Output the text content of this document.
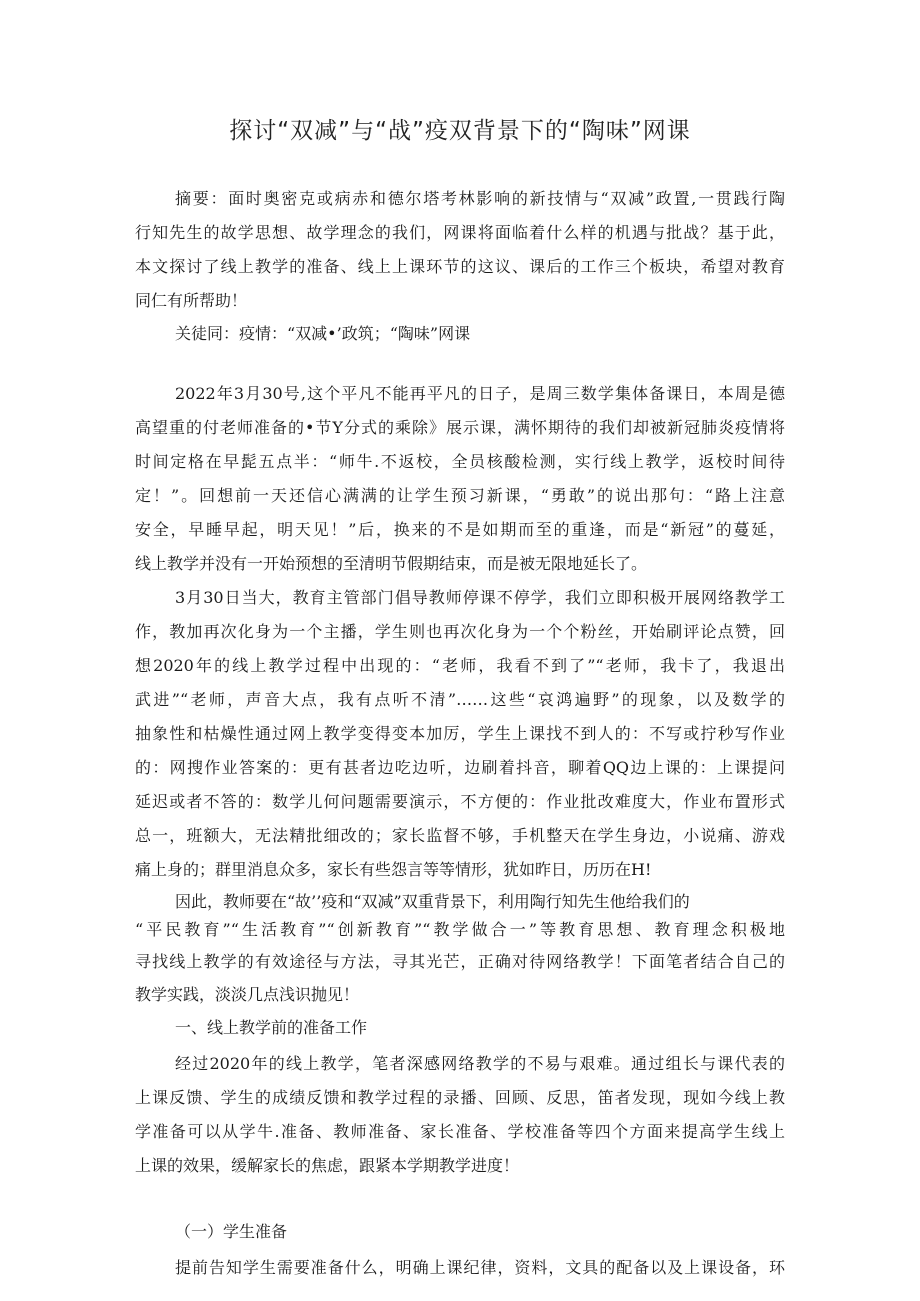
探讨“双减”与“战”疫双背景下的“陶味”网课
摘要：面时奥密克或病赤和德尔塔考林影响的新技情与“双减”政置,一贯践行陶
行知先生的故学思想、故学理念的我们，网课将面临着什么样的机遇与批战？基于此，
本文探讨了线上教学的准备、线上上课环节的这议、课后的工作三个板块，希望对教育
同仁有所帮助！
关徒同：疫情：“双减•’政筑；“陶味”网课
2022年3月30号,这个平凡不能再平凡的日子，是周三数学集体备课日，本周是德
高望重的付老师准备的•节Y分式的乘除》展示课，满怀期待的我们却被新冠肺炎疫情将
时间定格在早髭五点半：“师牛.不返校，全员核酸检测，实行线上教学，返校时间待
定！”。回想前一天还信心满满的让学生预习新课，“勇敢”的说出那句：“路上注意
安全，早睡早起，明天见！”后，换来的不是如期而至的重逢，而是“新冠”的蔓延，
线上教学并没有一开始预想的至清明节假期结束，而是被无限地延长了。
3月30日当大，教育主管部门倡导教师停课不停学，我们立即积极开展网络教学工
作，教加再次化身为一个主播，学生则也再次化身为一个个粉丝，开始刷评论点赞，回
想2020年的线上教学过程中出现的：“老师，我看不到了”“老师，我卡了，我退出
武进”“老师，声音大点，我有点听不清”……这些“哀鸿遍野”的现象，以及数学的
抽象性和枯燥性通过网上教学变得变本加厉，学生上课找不到人的：不写或拧秒写作业
的：网搜作业答案的：更有甚者边吃边听，边刷着抖音，聊着QQ边上课的：上课提问
延迟或者不答的：数学儿何问题需要演示，不方便的：作业批改难度大，作业布置形式
总一，班额大，无法精批细改的；家长监督不够，手机整天在学生身边，小说痛、游戏
痛上身的；群里消息众多，家长有些怨言等等情形，犹如昨日，历历在H!
因此，教师要在“故’’疫和“双减”双重背景下，利用陶行知先生他给我们的
“平民教育”“生活教育”“创新教育”“教学做合一”等教育思想、教育理念积极地
寻找线上教学的有效途径与方法，寻其光芒，正确对待网络教学！下面笔者结合自己的
教学实践，淡淡几点浅识抛见！
一、线上教学前的准备工作
经过2020年的线上教学，笔者深感网络教学的不易与艰难。通过组长与课代表的
上课反馈、学生的成绩反馈和教学过程的录播、回顾、反思，笛者发现，现如今线上教
学准备可以从学牛.准备、教师准备、家长准备、学校准备等四个方面来提高学生线上
上课的效果，缓解家长的焦虑，跟紧本学期教学进度！
（一）学生准备
提前告知学生需要准备什么，明确上课纪律，资料，文具的配备以及上课设备，环
